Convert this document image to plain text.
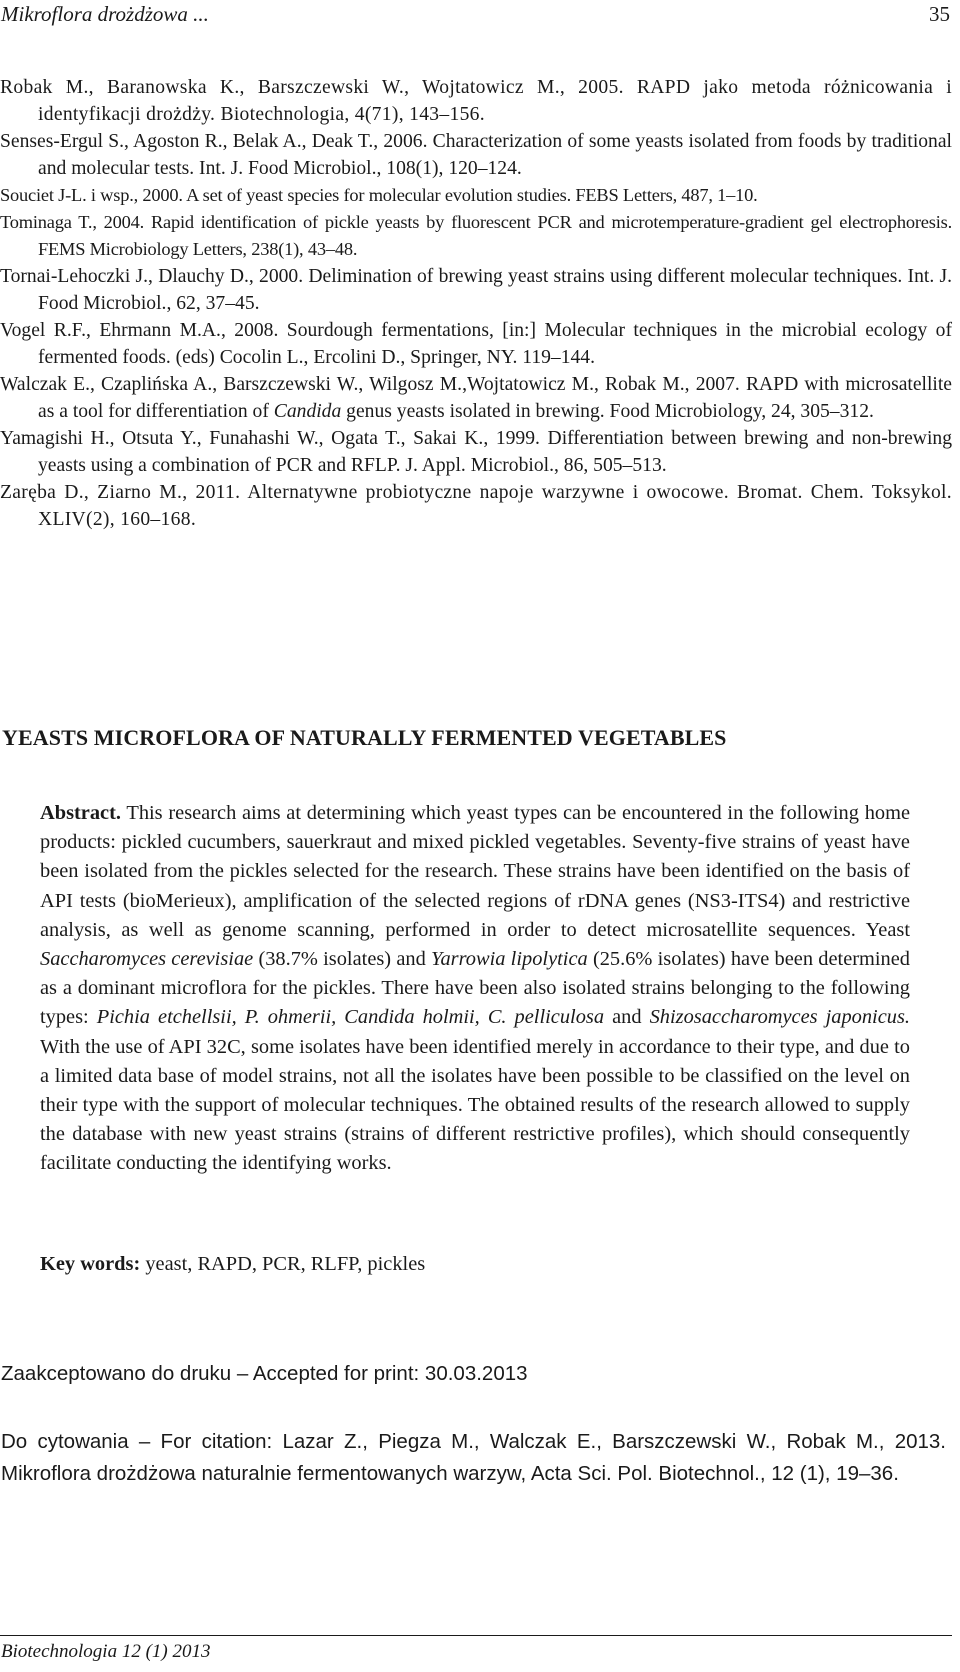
Mikroflora drożdżowa ...	35

Robak M., Baranowska K., Barszczewski W., Wojtatowicz M., 2005. RAPD jako metoda różnicowania i identyfikacji drożdży. Biotechnologia, 4(71), 143–156.

Senses-Ergul S., Agoston R., Belak A., Deak T., 2006. Characterization of some yeasts isolated from foods by traditional and molecular tests. Int. J. Food Microbiol., 108(1), 120–124.

Souciet J-L. i wsp., 2000. A set of yeast species for molecular evolution studies. FEBS Letters, 487, 1–10.

Tominaga T., 2004. Rapid identification of pickle yeasts by fluorescent PCR and microtemperature-gradient gel electrophoresis. FEMS Microbiology Letters, 238(1), 43–48.

Tornai-Lehoczki J., Dlauchy D., 2000. Delimination of brewing yeast strains using different molecular techniques. Int. J. Food Microbiol., 62, 37–45.

Vogel R.F., Ehrmann M.A., 2008. Sourdough fermentations, [in:] Molecular techniques in the microbial ecology of fermented foods. (eds) Cocolin L., Ercolini D., Springer, NY. 119–144.

Walczak E., Czaplińska A., Barszczewski W., Wilgosz M.,Wojtatowicz M., Robak M., 2007. RAPD with microsatellite as a tool for differentiation of Candida genus yeasts isolated in brewing. Food Microbiology, 24, 305–312.

Yamagishi H., Otsuta Y., Funahashi W., Ogata T., Sakai K., 1999. Differentiation between brewing and non-brewing yeasts using a combination of PCR and RFLP. J. Appl. Microbiol., 86, 505–513.

Zaręba D., Ziarno M., 2011. Alternatywne probiotyczne napoje warzywne i owocowe. Bromat. Chem. Toksykol. XLIV(2), 160–168.

YEASTS MICROFLORA OF NATURALLY FERMENTED VEGETABLES

Abstract. This research aims at determining which yeast types can be encountered in the following home products: pickled cucumbers, sauerkraut and mixed pickled vegetables. Seventy-five strains of yeast have been isolated from the pickles selected for the research. These strains have been identified on the basis of API tests (bioMerieux), amplification of the selected regions of rDNA genes (NS3-ITS4) and restrictive analysis, as well as genome scanning, performed in order to detect microsatellite sequences. Yeast Saccharomyces cerevisiae (38.7% isolates) and Yarrowia lipolytica (25.6% isolates) have been determined as a dominant microflora for the pickles. There have been also isolated strains belonging to the following types: Pichia etchellsii, P. ohmerii, Candida holmii, C. pelliculosa and Shizosaccharomyces japonicus. With the use of API 32C, some isolates have been identified merely in accordance to their type, and due to a limited data base of model strains, not all the isolates have been possible to be classified on the level on their type with the support of molecular techniques. The obtained results of the research allowed to supply the database with new yeast strains (strains of different restrictive profiles), which should consequently facilitate conducting the identifying works.

Key words: yeast, RAPD, PCR, RLFP, pickles

Zaakceptowano do druku – Accepted for print: 30.03.2013

Do cytowania – For citation: Lazar Z., Piegza M., Walczak E., Barszczewski W., Robak M., 2013. Mikroflora drożdżowa naturalnie fermentowanych warzyw, Acta Sci. Pol. Biotechnol., 12 (1), 19–36.

Biotechnologia 12 (1) 2013
